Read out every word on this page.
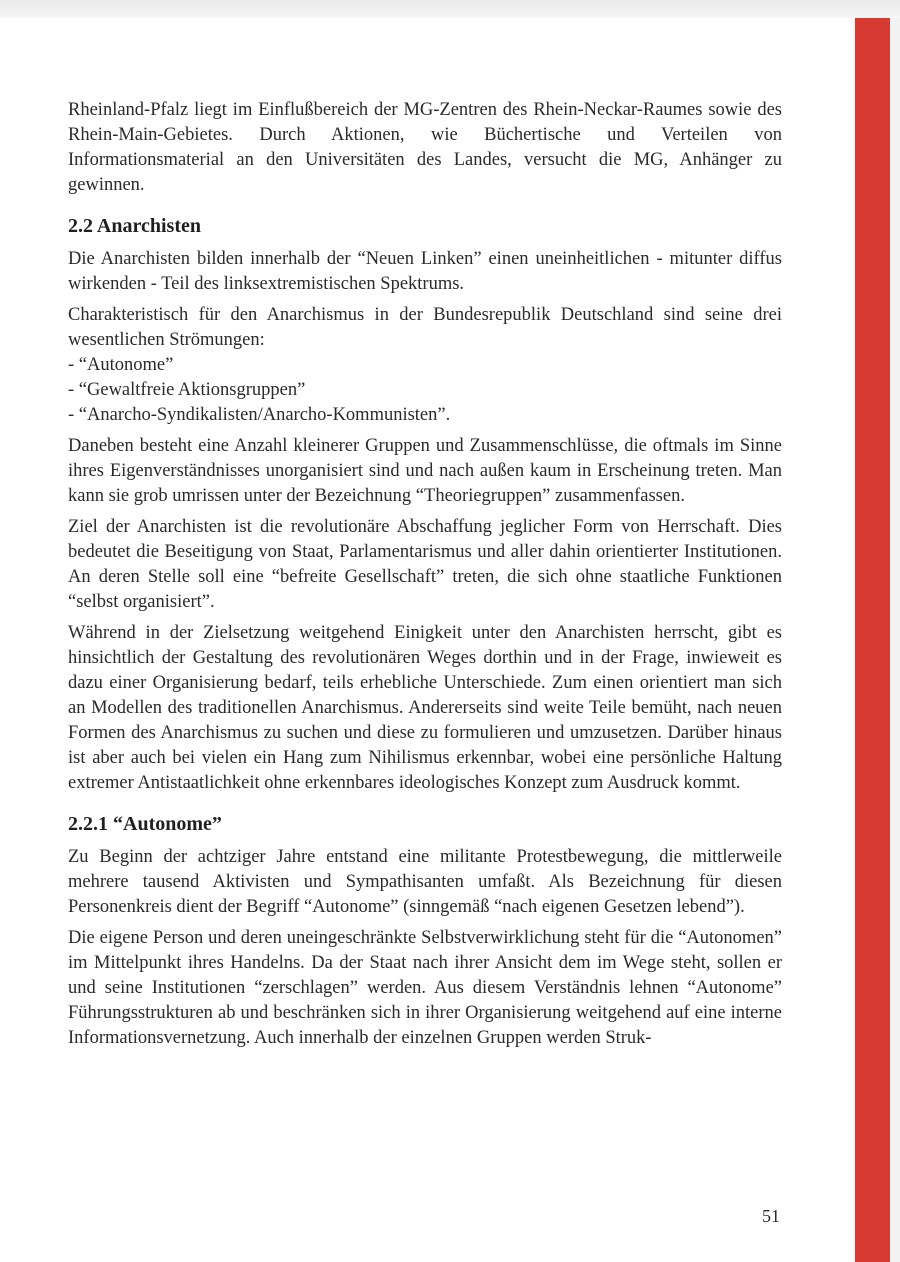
Rheinland-Pfalz liegt im Einflußbereich der MG-Zentren des Rhein-Neckar-Raumes sowie des Rhein-Main-Gebietes. Durch Aktionen, wie Büchertische und Verteilen von Informationsmaterial an den Universitäten des Landes, versucht die MG, Anhänger zu gewinnen.

2.2 Anarchisten

Die Anarchisten bilden innerhalb der “Neuen Linken” einen uneinheitlichen - mitunter diffus wirkenden - Teil des linksextremistischen Spektrums.

Charakteristisch für den Anarchismus in der Bundesrepublik Deutschland sind seine drei wesentlichen Strömungen:

- “Autonome”
- “Gewaltfreie Aktionsgruppen”
- “Anarcho-Syndikalisten/Anarcho-Kommunisten”.

Daneben besteht eine Anzahl kleinerer Gruppen und Zusammenschlüsse, die oftmals im Sinne ihres Eigenverständnisses unorganisiert sind und nach außen kaum in Erscheinung treten. Man kann sie grob umrissen unter der Bezeichnung “Theoriegruppen” zusammenfassen.

Ziel der Anarchisten ist die revolutionäre Abschaffung jeglicher Form von Herrschaft. Dies bedeutet die Beseitigung von Staat, Parlamentarismus und aller dahin orientierter Institutionen. An deren Stelle soll eine “befreite Gesellschaft” treten, die sich ohne staatliche Funktionen “selbst organisiert”.

Während in der Zielsetzung weitgehend Einigkeit unter den Anarchisten herrscht, gibt es hinsichtlich der Gestaltung des revolutionären Weges dorthin und in der Frage, inwieweit es dazu einer Organisierung bedarf, teils erhebliche Unterschiede. Zum einen orientiert man sich an Modellen des traditionellen Anarchismus. Andererseits sind weite Teile bemüht, nach neuen Formen des Anarchismus zu suchen und diese zu formulieren und umzusetzen. Darüber hinaus ist aber auch bei vielen ein Hang zum Nihilismus erkennbar, wobei eine persönliche Haltung extremer Antistaatlichkeit ohne erkennbares ideologisches Konzept zum Ausdruck kommt.

2.2.1 “Autonome”

Zu Beginn der achtziger Jahre entstand eine militante Protestbewegung, die mittlerweile mehrere tausend Aktivisten und Sympathisanten umfaßt. Als Bezeichnung für diesen Personenkreis dient der Begriff “Autonome” (sinngemäß “nach eigenen Gesetzen lebend”).

Die eigene Person und deren uneingeschränkte Selbstverwirklichung steht für die “Autonomen” im Mittelpunkt ihres Handelns. Da der Staat nach ihrer Ansicht dem im Wege steht, sollen er und seine Institutionen “zerschlagen” werden. Aus diesem Verständnis lehnen “Autonome” Führungsstrukturen ab und beschränken sich in ihrer Organisierung weitgehend auf eine interne Informationsvernetzung. Auch innerhalb der einzelnen Gruppen werden Struk-

51
